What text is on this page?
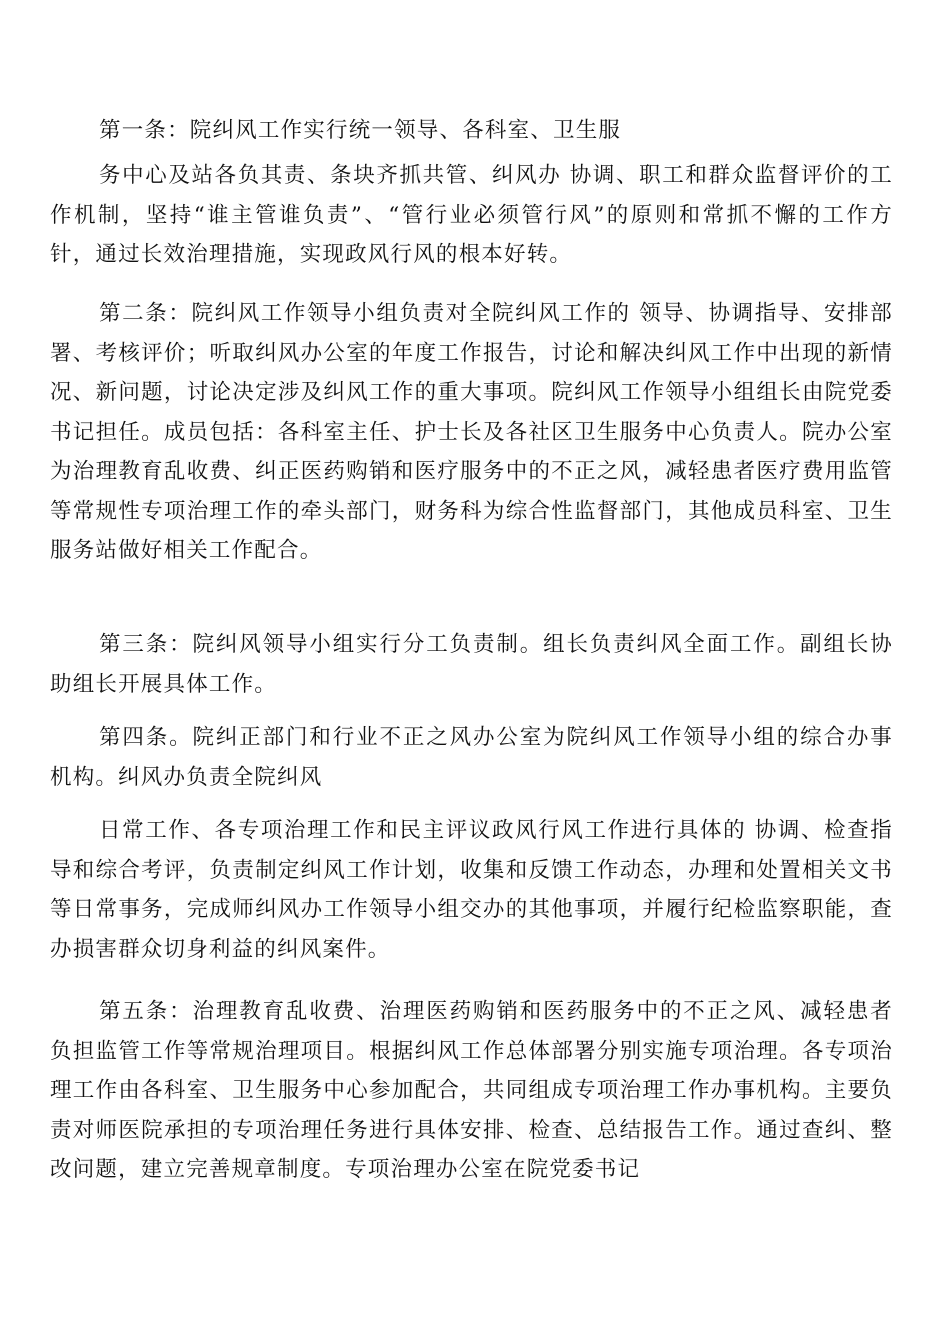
第一条：院纠风工作实行统一领导、各科室、卫生服

务中心及站各负其责、条块齐抓共管、纠风办 协调、职工和群众监督评价的工作机制，坚持“谁主管谁负责”、“管行业必须管行风”的原则和常抓不懈的工作方针，通过长效治理措施，实现政风行风的根本好转。

第二条：院纠风工作领导小组负责对全院纠风工作的 领导、协调指导、安排部署、考核评价；听取纠风办公室的年度工作报告，讨论和解决纠风工作中出现的新情况、新问题，讨论决定涉及纠风工作的重大事项。院纠风工作领导小组组长由院党委书记担任。成员包括：各科室主任、护士长及各社区卫生服务中心负责人。院办公室为治理教育乱收费、纠正医药购销和医疗服务中的不正之风，减轻患者医疗费用监管等常规性专项治理工作的牵头部门，财务科为综合性监督部门，其他成员科室、卫生服务站做好相关工作配合。

第三条：院纠风领导小组实行分工负责制。组长负责纠风全面工作。副组长协助组长开展具体工作。

第四条。院纠正部门和行业不正之风办公室为院纠风工作领导小组的综合办事机构。纠风办负责全院纠风

日常工作、各专项治理工作和民主评议政风行风工作进行具体的 协调、检查指导和综合考评，负责制定纠风工作计划，收集和反馈工作动态，办理和处置相关文书等日常事务，完成师纠风办工作领导小组交办的其他事项，并履行纪检监察职能，查办损害群众切身利益的纠风案件。

第五条：治理教育乱收费、治理医药购销和医药服务中的不正之风、减轻患者负担监管工作等常规治理项目。根据纠风工作总体部署分别实施专项治理。各专项治理工作由各科室、卫生服务中心参加配合，共同组成专项治理工作办事机构。主要负责对师医院承担的专项治理任务进行具体安排、检查、总结报告工作。通过查纠、整改问题，建立完善规章制度。专项治理办公室在院党委书记
